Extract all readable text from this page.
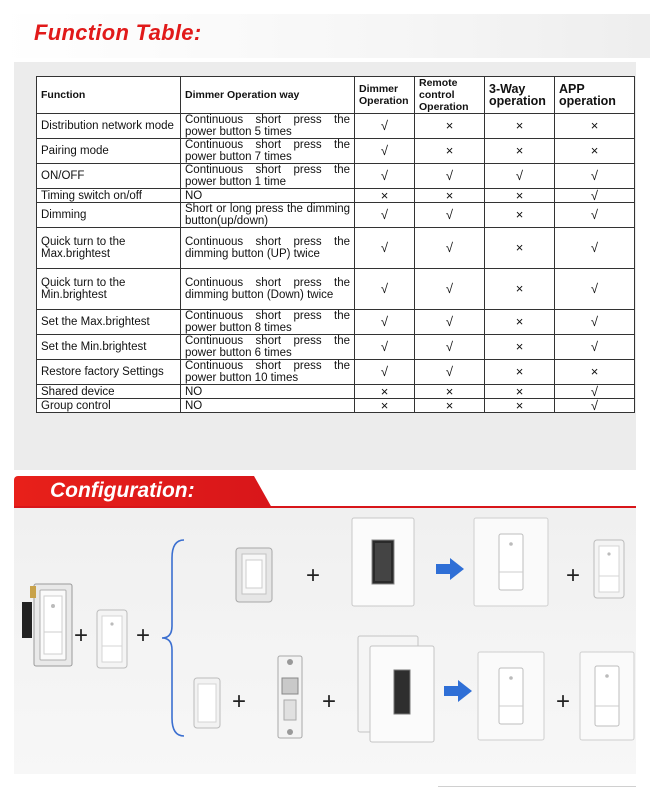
Function Table:
Function	Dimmer Operation way	Dimmer Operation	Remote control Operation	3-Way operation	APP operation
Distribution network mode	Continuous short press the power button 5 times	√	×	×	×
Pairing mode	Continuous short press the power button 7 times	√	×	×	×
ON/OFF	Continuous short press the power button 1 time	√	√	√	√
Timing switch on/off	NO	×	×	×	√
Dimming	Short or long press the dimming button(up/down)	√	√	×	√
Quick turn to the Max.brightest	Continuous short press the dimming button (UP) twice	√	√	×	√
Quick turn to the Min.brightest	Continuous short press the dimming button (Down) twice	√	√	×	√
Set the Max.brightest	Continuous short press the power button 8 times	√	√	×	√
Set the Min.brightest	Continuous short press the power button 6 times	√	√	×	√
Restore factory Settings	Continuous short press the power button 10 times	√	√	×	×
Shared device	NO	×	×	×	√
Group control	NO	×	×	×	√
Configuration:
+ +
+	+
+	+	+
